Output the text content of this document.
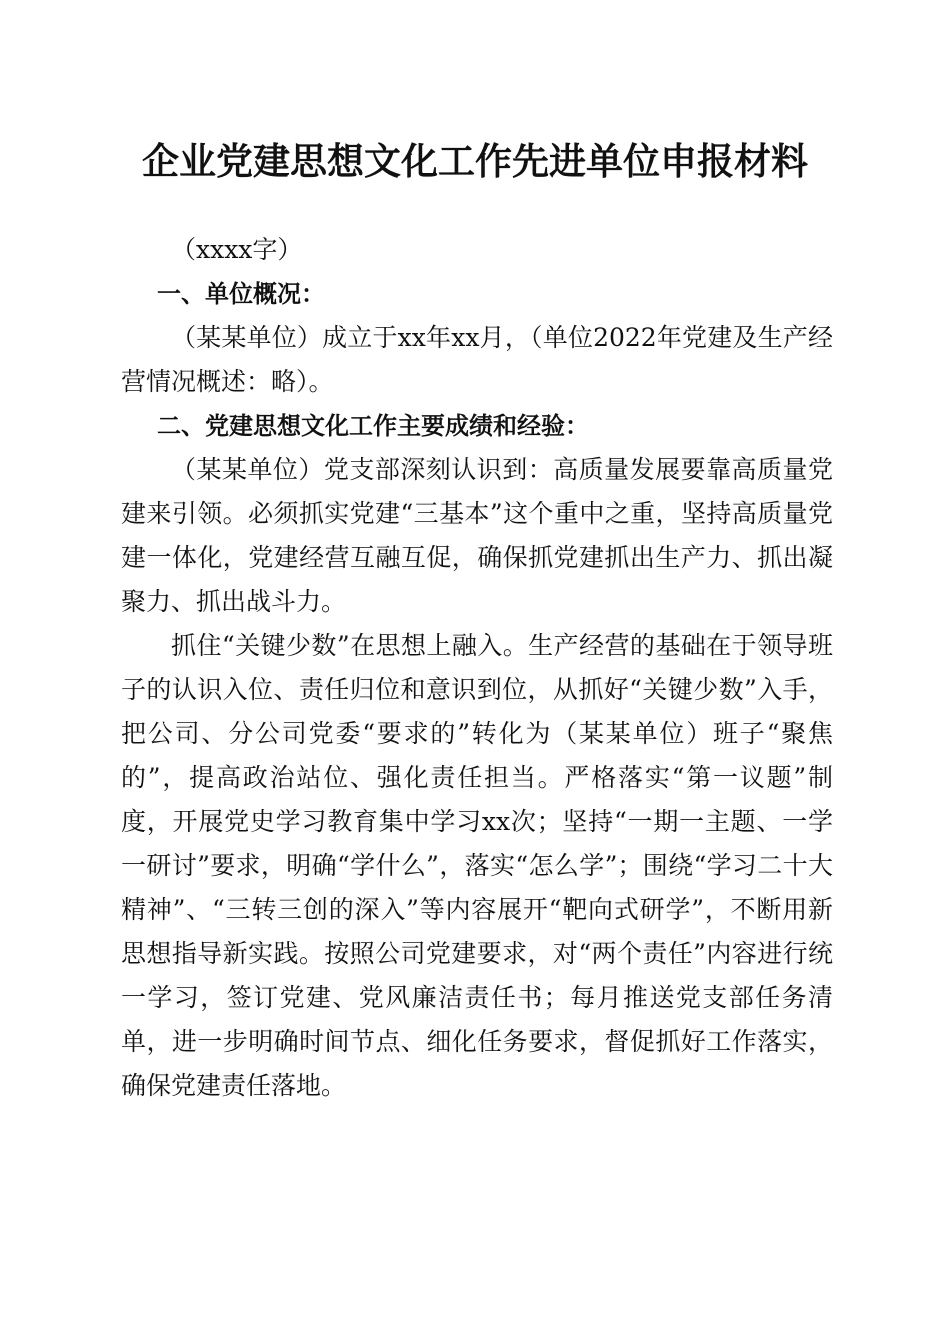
企业党建思想文化工作先进单位申报材料

（xxxx字）

一、单位概况：

（某某单位）成立于xx年xx月，（单位2022年党建及生产经营情况概述：略）。

二、党建思想文化工作主要成绩和经验：

（某某单位）党支部深刻认识到：高质量发展要靠高质量党建来引领。必须抓实党建“三基本”这个重中之重，坚持高质量党建一体化，党建经营互融互促，确保抓党建抓出生产力、抓出凝聚力、抓出战斗力。

抓住“关键少数”在思想上融入。生产经营的基础在于领导班子的认识入位、责任归位和意识到位，从抓好“关键少数”入手，把公司、分公司党委“要求的”转化为（某某单位）班子“聚焦的”，提高政治站位、强化责任担当。严格落实“第一议题”制度，开展党史学习教育集中学习xx次；坚持“一期一主题、一学一研讨”要求，明确“学什么”，落实“怎么学”；围绕“学习二十大精神”、“三转三创的深入”等内容展开“靶向式研学”，不断用新思想指导新实践。按照公司党建要求，对“两个责任”内容进行统一学习，签订党建、党风廉洁责任书；每月推送党支部任务清单，进一步明确时间节点、细化任务要求，督促抓好工作落实，确保党建责任落地。
